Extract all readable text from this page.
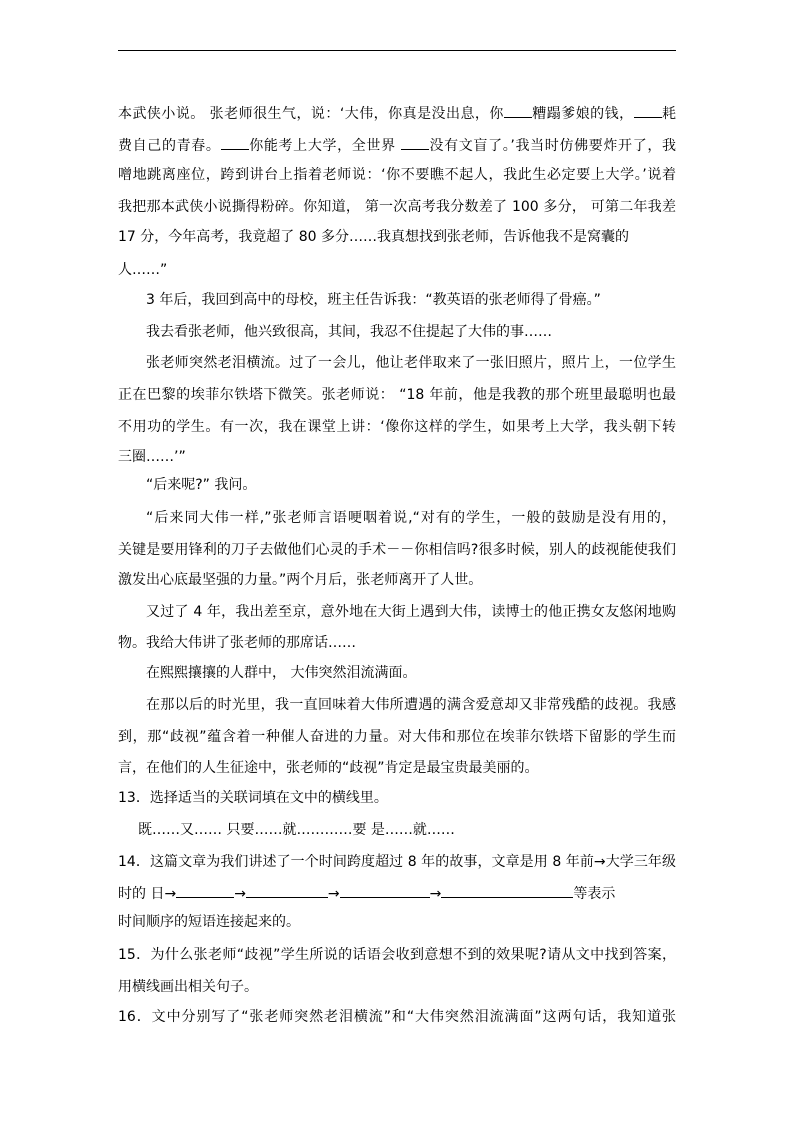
本武侠小说。 张老师很生气，说：‘大伟，你真是没出息，你 糟蹋爹娘的钱， 耗
费自己的青春。 你能考上大学，全世界 没有文盲了。’我当时仿佛要炸开了，我
噌地跳离座位，跨到讲台上指着老师说：‘你不要瞧不起人，我此生必定要上大学。’说着
我把那本武侠小说撕得粉碎。你知道， 第一次高考我分数差了 100 多分， 可第二年我差
17 分，今年高考，我竟超了 80 多分……我真想找到张老师，告诉他我不是窝囊的
人……”
3 年后，我回到高中的母校，班主任告诉我：“教英语的张老师得了骨癌。”
我去看张老师，他兴致很高，其间，我忍不住提起了大伟的事……
张老师突然老泪横流。过了一会儿，他让老伴取来了一张旧照片，照片上，一位学生
正在巴黎的埃菲尔铁塔下微笑。张老师说： “18 年前，他是我教的那个班里最聪明也最
不用功的学生。有一次，我在课堂上讲：‘像你这样的学生，如果考上大学，我头朝下转
三圈……’”
“后来呢?” 我问。
“后来同大伟一样,”张老师言语哽咽着说,“对有的学生，一般的鼓励是没有用的，
关键是要用锋利的刀子去做他们心灵的手术－－你相信吗?很多时候，别人的歧视能使我们
激发出心底最坚强的力量。”两个月后，张老师离开了人世。
又过了 4 年，我出差至京，意外地在大街上遇到大伟，读博士的他正携女友悠闲地购
物。我给大伟讲了张老师的那席话……
在熙熙攘攘的人群中， 大伟突然泪流满面。
在那以后的时光里，我一直回味着大伟所遭遇的满含爱意却又非常残酷的歧视。我感
到，那“歧视”蕴含着一种催人奋进的力量。对大伟和那位在埃菲尔铁塔下留影的学生而
言，在他们的人生征途中，张老师的“歧视”肯定是最宝贵最美丽的。
13．选择适当的关联词填在文中的横线里。
既……又…… 只要……就…………要 是……就……
14．这篇文章为我们讲述了一个时间跨度超过 8 年的故事，文章是用 8 年前→大学三年级
时的 日→	→	→	→	等表示
时间顺序的短语连接起来的。
15．为什么张老师“歧视”学生所说的话语会收到意想不到的效果呢?请从文中找到答案，
用横线画出相关句子。
16．文中分别写了“张老师突然老泪横流”和“大伟突然泪流满面”这两句话，我知道张
